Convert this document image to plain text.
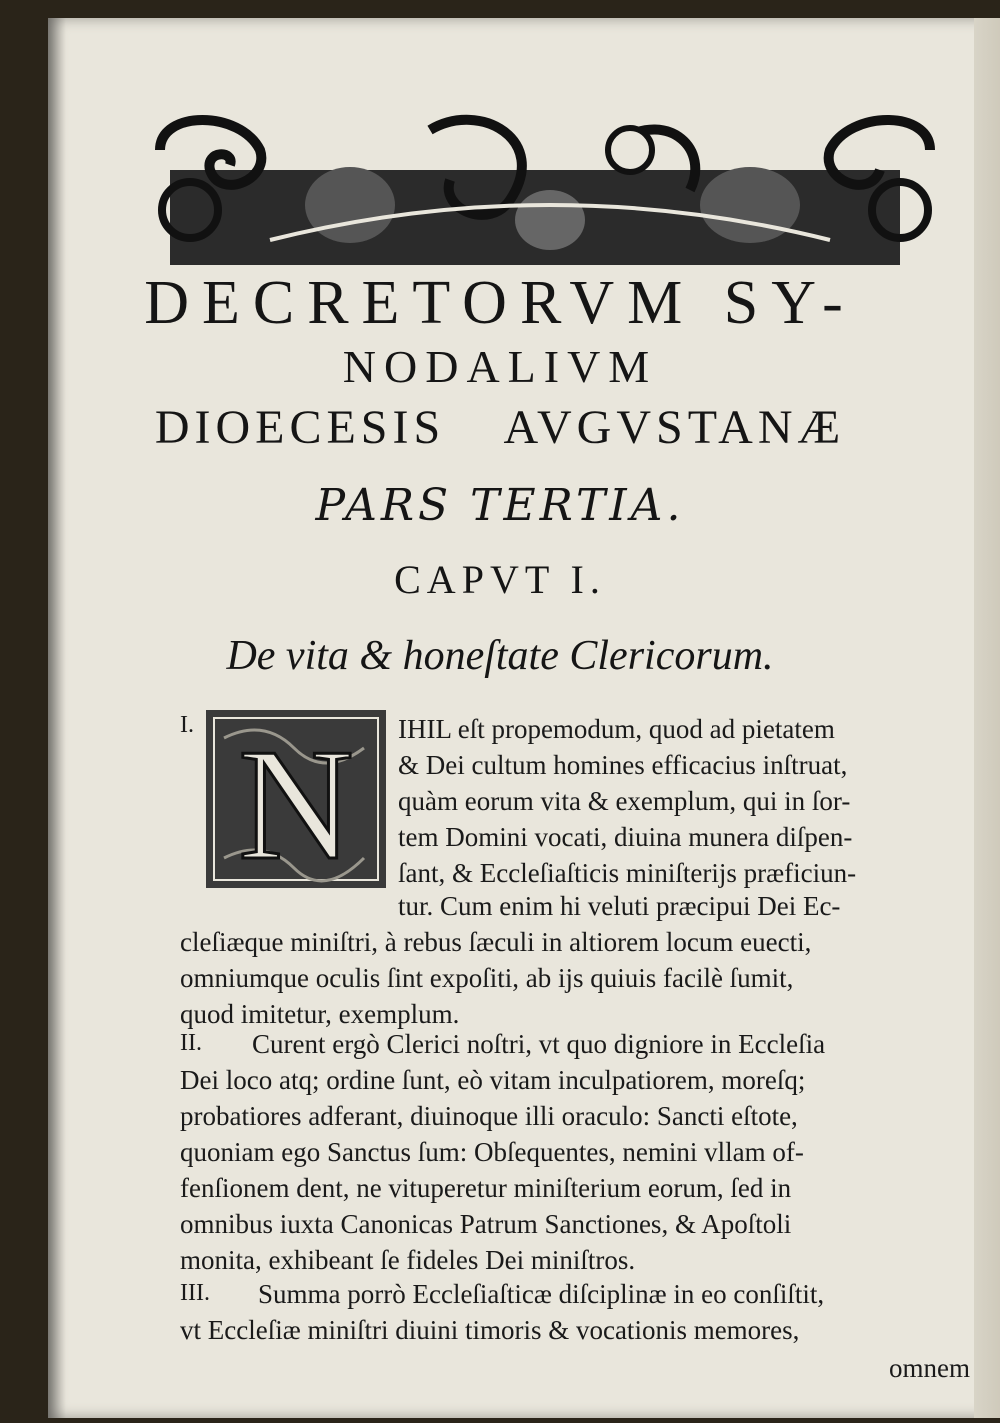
DECRETORVM SY-
NODALIVM
DIOECESIS AVGVSTANÆ
PARS TERTIA.
CAPVT I.
De vita & honeſtate Clericorum.
I. N IHIL eſt propemodum, quod ad pietatem
& Dei cultum homines efficacius inſtruat,
quàm eorum vita & exemplum, qui in ſor-
tem Domini vocati, diuina munera diſpen-
ſant, & Eccleſiaſticis miniſterijs præficiun-
tur. Cum enim hi veluti præcipui Dei Ec-
cleſiæque miniſtri, à rebus ſæculi in altiorem locum euecti,
omniumque oculis ſint expoſiti, ab ijs quiuis facilè ſumit,
quod imitetur, exemplum.
II.	Curent ergò Clerici noſtri, vt quo digniore in Eccleſia
Dei loco atq; ordine ſunt, eò vitam inculpatiorem, moreſq;
probatiores adferant, diuinoque illi oraculo: Sancti eſtote,
quoniam ego Sanctus ſum: Obſequentes, nemini vllam of-
fenſionem dent, ne vituperetur miniſterium eorum, ſed in
omnibus iuxta Canonicas Patrum Sanctiones, & Apoſtoli
monita, exhibeant ſe fideles Dei miniſtros.
III.	Summa porrò Eccleſiaſticæ diſciplinæ in eo conſiſtit,
vt Eccleſiæ miniſtri diuini timoris & vocationis memores,
omnem
